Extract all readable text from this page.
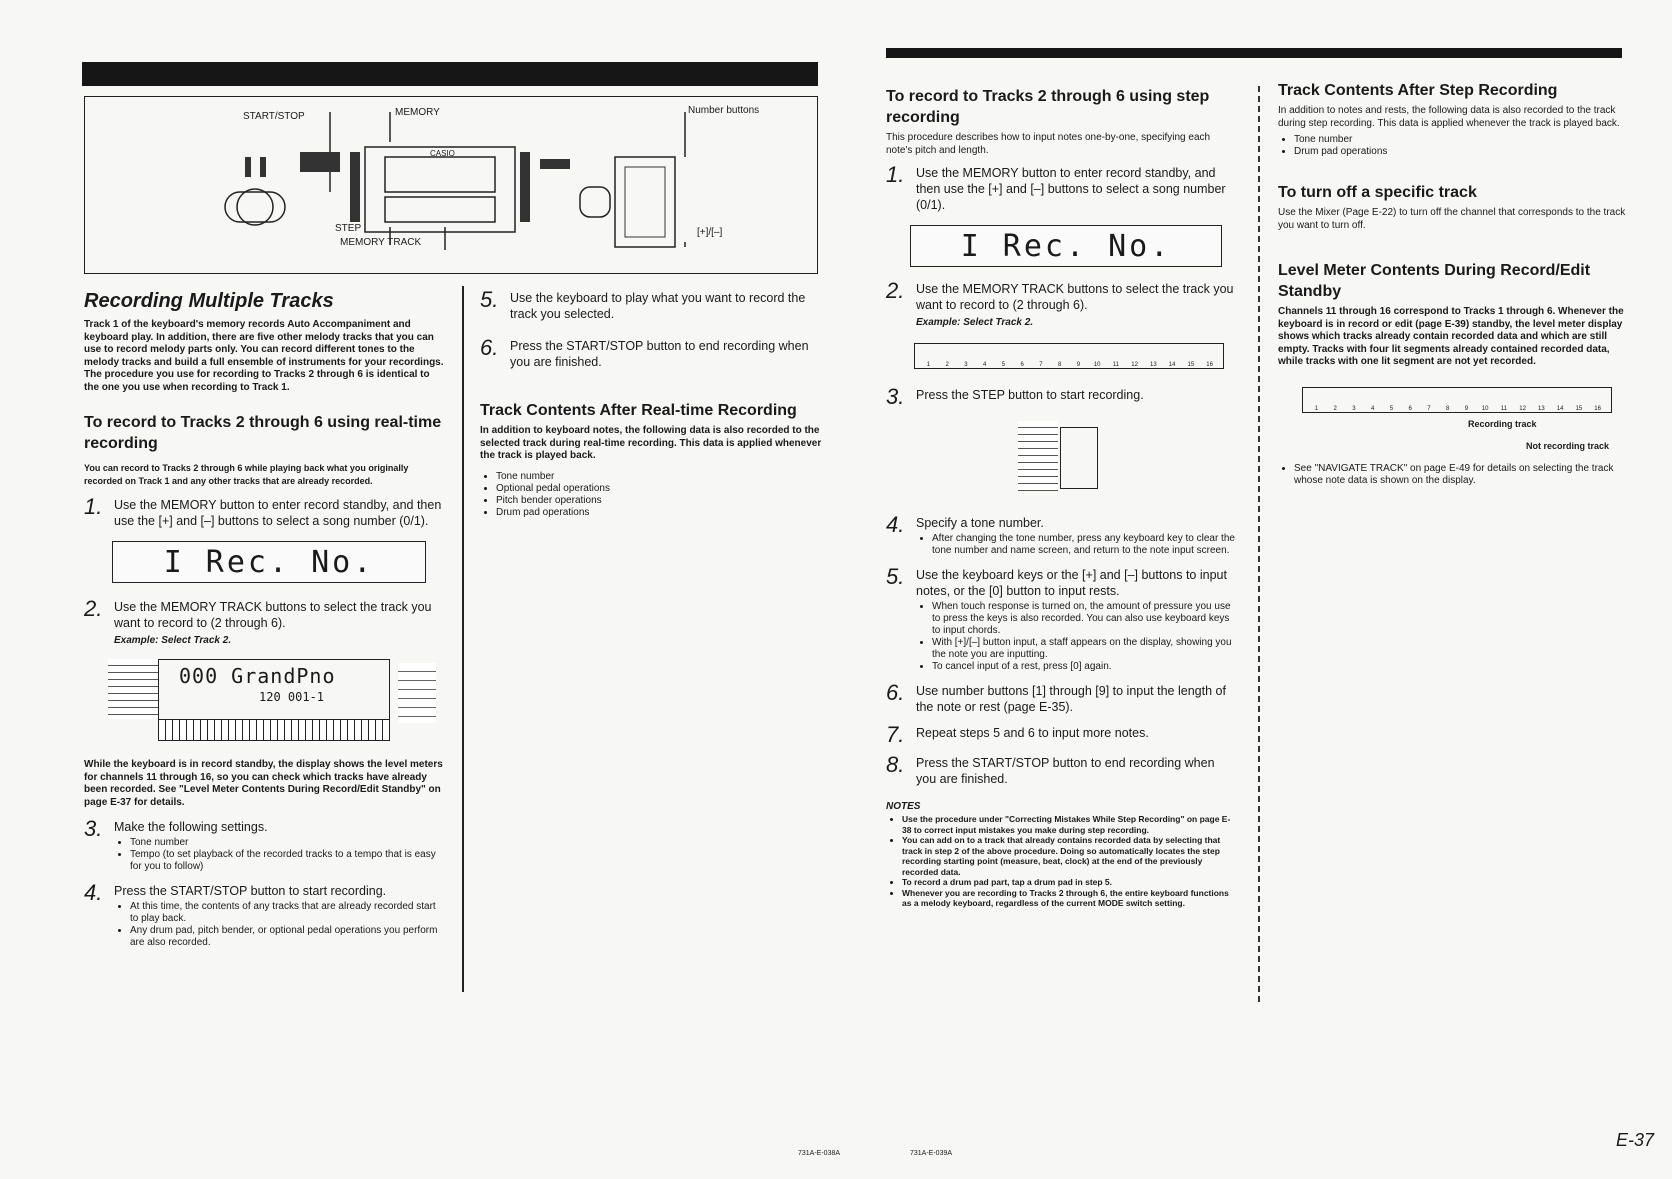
START/STOP	MEMORY	Number buttons
CASIO
STEP
MEMORY TRACK
[+]/[–]
Recording Multiple Tracks

Track 1 of the keyboard's memory records Auto Accompaniment and keyboard play. In addition, there are five other melody tracks that you can use to record melody parts only. You can record different tones to the melody tracks and build a full ensemble of instruments for your recordings. The procedure you use for recording to Tracks 2 through 6 is identical to the one you use when recording to Track 1.

To record to Tracks 2 through 6 using real-time recording

You can record to Tracks 2 through 6 while playing back what you originally recorded on Track 1 and any other tracks that are already recorded.

1. Use the MEMORY button to enter record standby, and then use the [+] and [–] buttons to select a song number (0/1).
I Rec. No.
2. Use the MEMORY TRACK buttons to select the track you want to record to (2 through 6).
Example: Select Track 2.
000 GrandPno
120 001-1

While the keyboard is in record standby, the display shows the level meters for channels 11 through 16, so you can check which tracks have already been recorded. See "Level Meter Contents During Record/Edit Standby" on page E-37 for details.

3. Make the following settings.
• Tone number
• Tempo (to set playback of the recorded tracks to a tempo that is easy for you to follow)
4. Press the START/STOP button to start recording.
• At this time, the contents of any tracks that are already recorded start to play back.
• Any drum pad, pitch bender, or optional pedal operations you perform are also recorded.
5. Use the keyboard to play what you want to record the track you selected.
6. Press the START/STOP button to end recording when you are finished.
Track Contents After Real-time Recording

In addition to keyboard notes, the following data is also recorded to the selected track during real-time recording. This data is applied whenever the track is played back.

• Tone number
• Optional pedal operations
• Pitch bender operations
• Drum pad operations
731A-E-038A
To record to Tracks 2 through 6 using step recording

This procedure describes how to input notes one-by-one, specifying each note's pitch and length.

1. Use the MEMORY button to enter record standby, and then use the [+] and [–] buttons to select a song number (0/1).
I Rec. No.
2. Use the MEMORY TRACK buttons to select the track you want to record to (2 through 6).
Example: Select Track 2.
1	2	3	4	5	6	7	8	9	10	11	12	13	14	15	16
3. Press the STEP button to start recording.
4. Specify a tone number.
• After changing the tone number, press any keyboard key to clear the tone number and name screen, and return to the note input screen.
5. Use the keyboard keys or the [+] and [–] buttons to input notes, or the [0] button to input rests.
• When touch response is turned on, the amount of pressure you use to press the keys is also recorded. You can also use keyboard keys to input chords.
• With [+]/[–] button input, a staff appears on the display, showing you the note you are inputting.
• To cancel input of a rest, press [0] again.
6. Use number buttons [1] through [9] to input the length of the note or rest (page E-35).
7. Repeat steps 5 and 6 to input more notes.
8. Press the START/STOP button to end recording when you are finished.
NOTES
• Use the procedure under "Correcting Mistakes While Step Recording" on page E-38 to correct input mistakes you make during step recording.
• You can add on to a track that already contains recorded data by selecting that track in step 2 of the above procedure. Doing so automatically locates the step recording starting point (measure, beat, clock) at the end of the previously recorded data.
• To record a drum pad part, tap a drum pad in step 5.
• Whenever you are recording to Tracks 2 through 6, the entire keyboard functions as a melody keyboard, regardless of the current MODE switch setting.
Track Contents After Step Recording

In addition to notes and rests, the following data is also recorded to the track during step recording. This data is applied whenever the track is played back.

• Tone number
• Drum pad operations
To turn off a specific track

Use the Mixer (Page E-22) to turn off the channel that corresponds to the track you want to turn off.

Level Meter Contents During Record/Edit Standby

Channels 11 through 16 correspond to Tracks 1 through 6. Whenever the keyboard is in record or edit (page E-39) standby, the level meter display shows which tracks already contain recorded data and which are still empty. Tracks with four lit segments already contained recorded data, while tracks with one lit segment are not yet recorded.

1	2	3	4	5	6	7	8	9	10	11	12	13	14	15	16
Recording track
Not recording track
• See "NAVIGATE TRACK" on page E-49 for details on selecting the track whose note data is shown on the display.
731A-E-039A
E-37
